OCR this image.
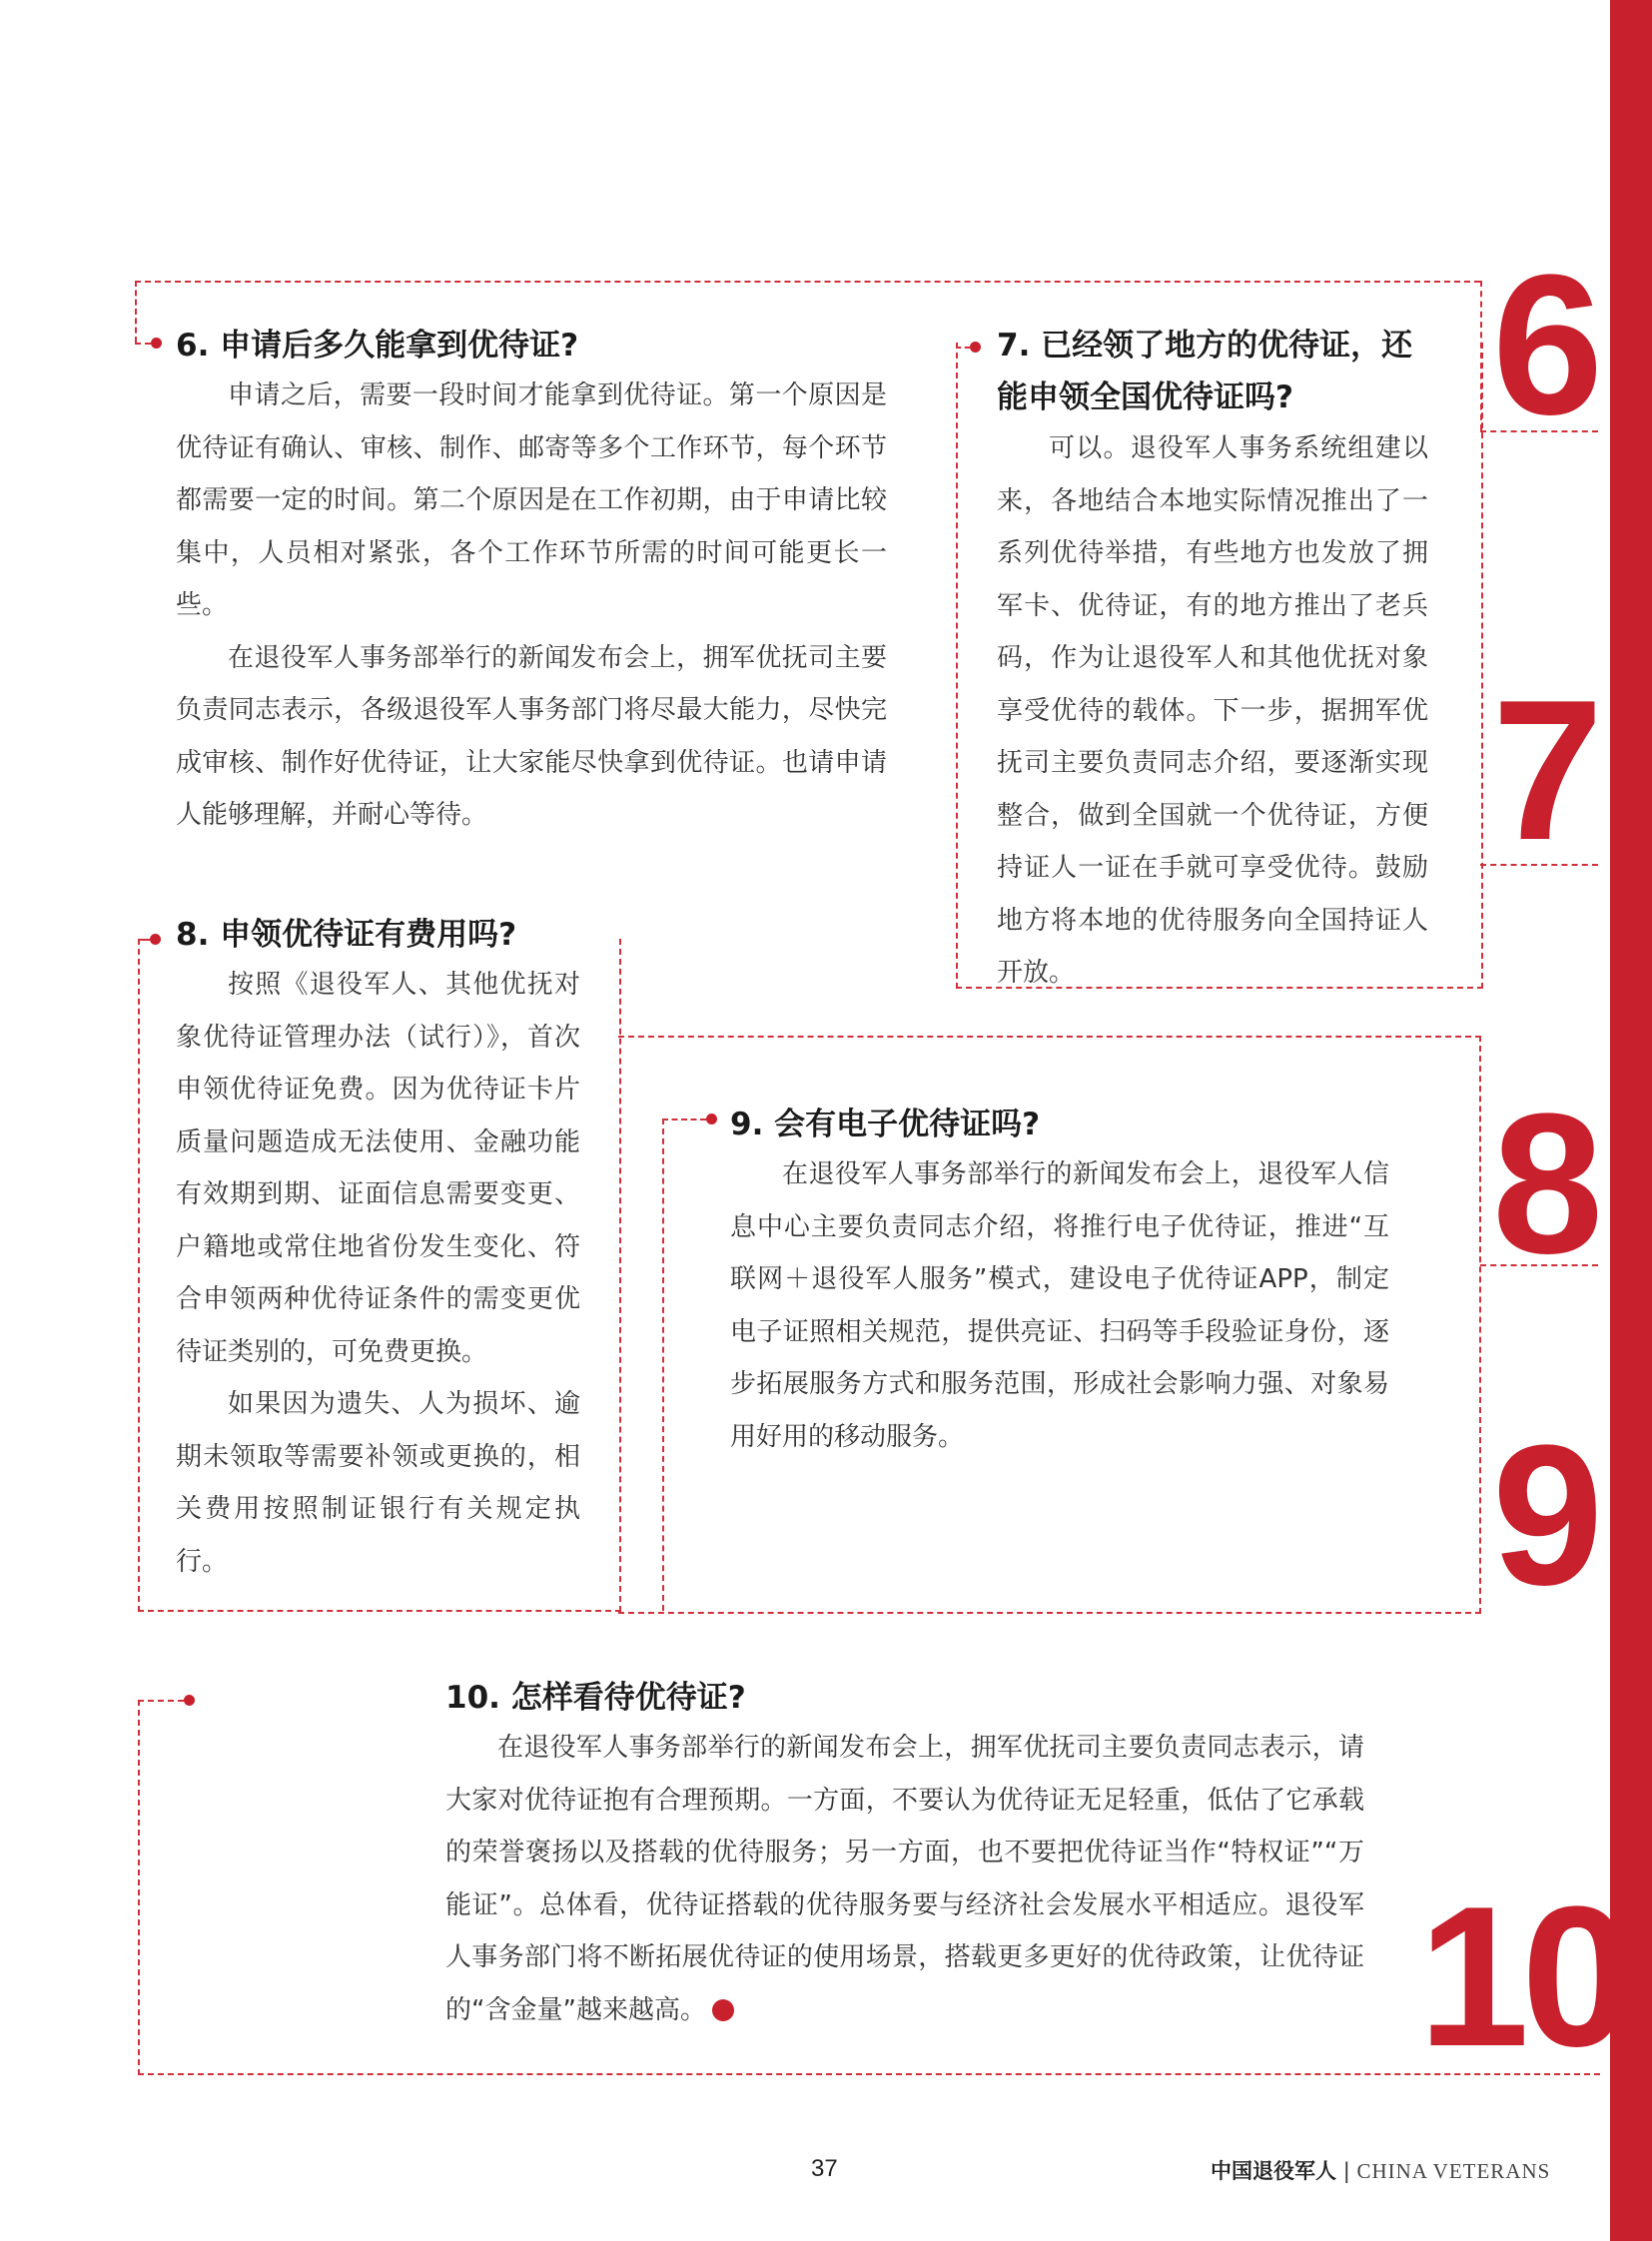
6
7
8
9
10
6. 申请后多久能拿到优待证?

申请之后，需要一段时间才能拿到优待证。第一个原因是优待证有确认、审核、制作、邮寄等多个工作环节，每个环节都需要一定的时间。第二个原因是在工作初期，由于申请比较集中，人员相对紧张，各个工作环节所需的时间可能更长一些。

在退役军人事务部举行的新闻发布会上，拥军优抚司主要负责同志表示，各级退役军人事务部门将尽最大能力，尽快完成审核、制作好优待证，让大家能尽快拿到优待证。也请申请人能够理解，并耐心等待。

7. 已经领了地方的优待证，还
能申领全国优待证吗?

可以。退役军人事务系统组建以来，各地结合本地实际情况推出了一系列优待举措，有些地方也发放了拥军卡、优待证，有的地方推出了老兵码，作为让退役军人和其他优抚对象享受优待的载体。下一步，据拥军优抚司主要负责同志介绍，要逐渐实现整合，做到全国就一个优待证，方便持证人一证在手就可享受优待。鼓励地方将本地的优待服务向全国持证人开放。

8. 申领优待证有费用吗?

按照《退役军人、其他优抚对象优待证管理办法（试行）》，首次申领优待证免费。因为优待证卡片质量问题造成无法使用、金融功能有效期到期、证面信息需要变更、户籍地或常住地省份发生变化、符合申领两种优待证条件的需变更优待证类别的，可免费更换。

如果因为遗失、人为损坏、逾期未领取等需要补领或更换的，相关费用按照制证银行有关规定执行。

9. 会有电子优待证吗?

在退役军人事务部举行的新闻发布会上，退役军人信息中心主要负责同志介绍，将推行电子优待证，推进“互联网＋退役军人服务”模式，建设电子优待证APP，制定电子证照相关规范，提供亮证、扫码等手段验证身份，逐步拓展服务方式和服务范围，形成社会影响力强、对象易用好用的移动服务。

10. 怎样看待优待证?

在退役军人事务部举行的新闻发布会上，拥军优抚司主要负责同志表示，请大家对优待证抱有合理预期。一方面，不要认为优待证无足轻重，低估了它承载的荣誉褒扬以及搭载的优待服务；另一方面，也不要把优待证当作“特权证”“万能证”。总体看，优待证搭载的优待服务要与经济社会发展水平相适应。退役军人事务部门将不断拓展优待证的使用场景，搭载更多更好的优待政策，让优待证的“含金量”越来越高。	V

37	中国退役军人 | CHINA VETERANS
